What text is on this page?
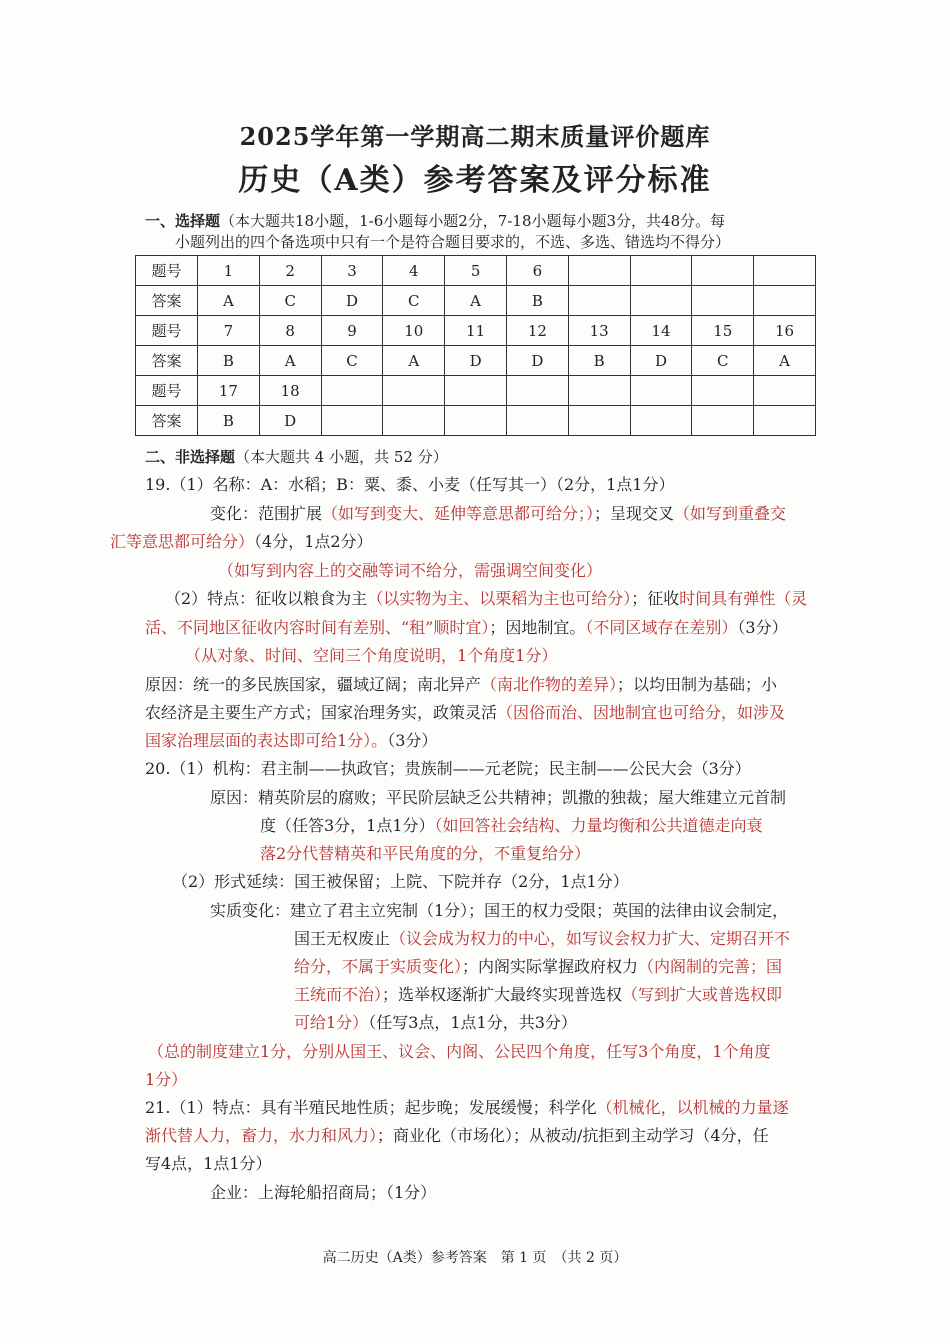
2025学年第一学期高二期末质量评价题库
历史（A类）参考答案及评分标准
一、选择题（本大题共18小题，1-6小题每小题2分，7-18小题每小题3分，共48分。每
小题列出的四个备选项中只有一个是符合题目要求的，不选、多选、错选均不得分）
题号	1	2	3	4	5	6				
答案	A	C	D	C	A	B				
题号	7	8	9	10	11	12	13	14	15	16
答案	B	A	C	A	D	D	B	D	C	A
题号	17	18								
答案	B	D								
二、非选择题（本大题共 4 小题，共 52 分）
19.（1）名称：A：水稻；B：粟、黍、小麦（任写其一）（2分，1点1分）
变化：范围扩展（如写到变大、延伸等意思都可给分；）；呈现交叉（如写到重叠交
汇等意思都可给分）（4分，1点2分）
（如写到内容上的交融等词不给分，需强调空间变化）
（2）特点：征收以粮食为主（以实物为主、以栗稻为主也可给分）；征收时间具有弹性（灵
活、不同地区征收内容时间有差别、“租”顺时宜）；因地制宜。（不同区域存在差别）（3分）
（从对象、时间、空间三个角度说明，1个角度1分）
原因：统一的多民族国家，疆域辽阔；南北异产（南北作物的差异）；以均田制为基础；小
农经济是主要生产方式；国家治理务实，政策灵活（因俗而治、因地制宜也可给分，如涉及
国家治理层面的表达即可给1分）。（3分）
20.（1）机构：君主制——执政官；贵族制——元老院；民主制——公民大会（3分）
原因：精英阶层的腐败；平民阶层缺乏公共精神；凯撒的独裁；屋大维建立元首制
度（任答3分，1点1分）（如回答社会结构、力量均衡和公共道德走向衰
落2分代替精英和平民角度的分，不重复给分）
（2）形式延续：国王被保留；上院、下院并存（2分，1点1分）
实质变化：建立了君主立宪制（1分）；国王的权力受限；英国的法律由议会制定，
国王无权废止（议会成为权力的中心，如写议会权力扩大、定期召开不
给分，不属于实质变化）；内阁实际掌握政府权力（内阁制的完善；国
王统而不治）；选举权逐渐扩大最终实现普选权（写到扩大或普选权即
可给1分）（任写3点，1点1分，共3分）
（总的制度建立1分，分别从国王、议会、内阁、公民四个角度，任写3个角度，1个角度
1分）
21.（1）特点：具有半殖民地性质；起步晚；发展缓慢；科学化（机械化，以机械的力量逐
渐代替人力，畜力，水力和风力）；商业化（市场化）；从被动/抗拒到主动学习（4分，任
写4点，1点1分）
企业：上海轮船招商局；（1分）
高二历史（A类）参考答案　第 1 页　（共 2 页）
